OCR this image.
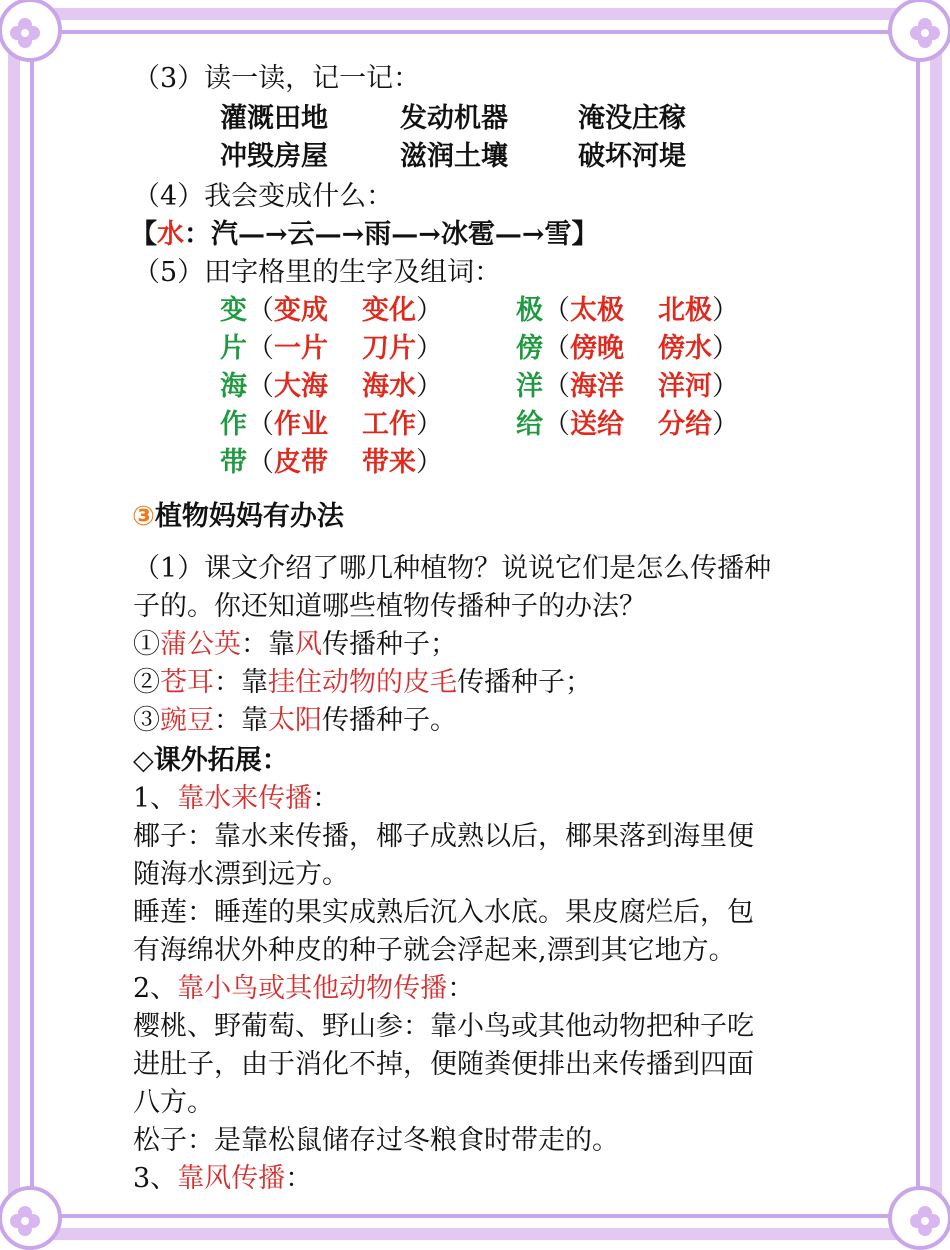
（3）读一读，记一记：
灌溉田地	发动机器	淹没庄稼
冲毁房屋	滋润土壤	破坏河堤
（4）我会变成什么：
【水：汽—→云—→雨—→冰雹—→雪】
（5）田字格里的生字及组词：
变（变成 变化）
片（一片 刀片）
海（大海 海水）
作（作业 工作）
带（皮带 带来）
极（太极 北极）
傍（傍晚 傍水）
洋（海洋 洋河）
给（送给 分给）
③植物妈妈有办法
（1）课文介绍了哪几种植物？说说它们是怎么传播种
子的。你还知道哪些植物传播种子的办法？
①蒲公英：靠风传播种子；
②苍耳：靠挂住动物的皮毛传播种子；
③豌豆：靠太阳传播种子。
◇课外拓展：
1、靠水来传播：
椰子：靠水来传播，椰子成熟以后，椰果落到海里便
随海水漂到远方。
睡莲：睡莲的果实成熟后沉入水底。果皮腐烂后，包
有海绵状外种皮的种子就会浮起来,漂到其它地方。
2、靠小鸟或其他动物传播：
樱桃、野葡萄、野山参：靠小鸟或其他动物把种子吃
进肚子，由于消化不掉，便随粪便排出来传播到四面
八方。
松子：是靠松鼠储存过冬粮食时带走的。
3、靠风传播：
